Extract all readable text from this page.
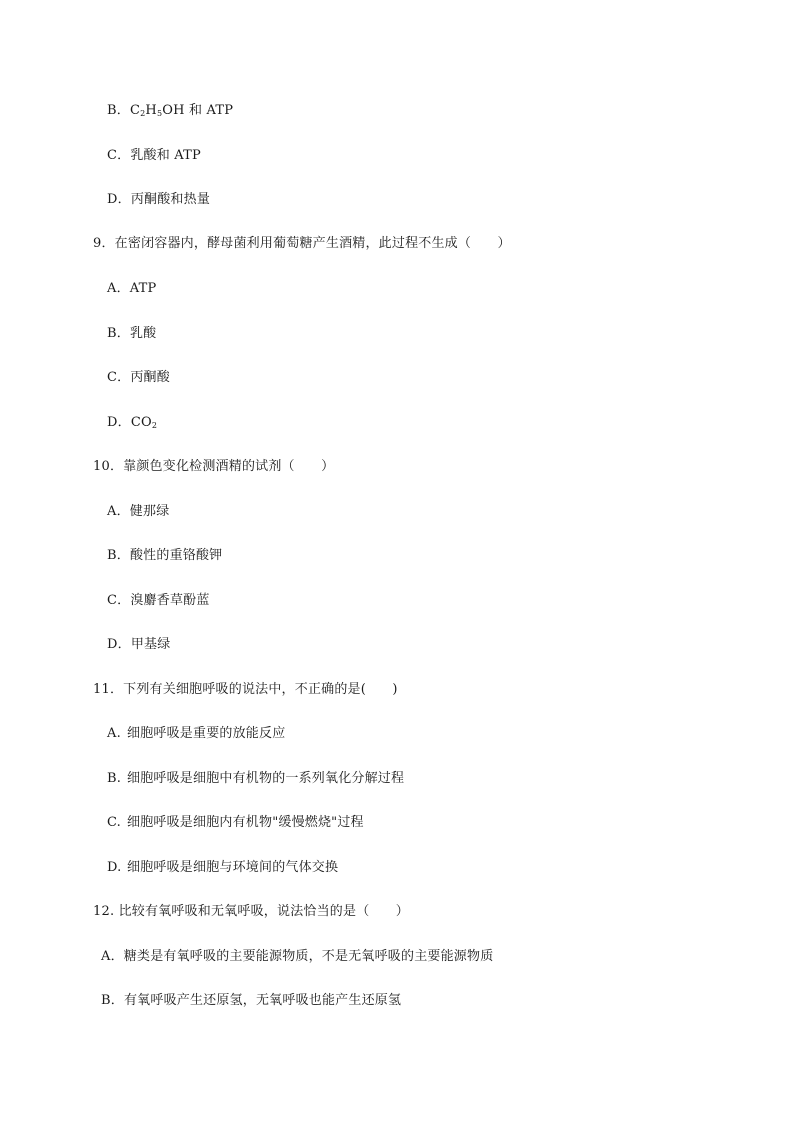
B．$C_2H_5OH$ 和 ATP
C．乳酸和 ATP
D．丙酮酸和热量
9．在密闭容器内，酵母菌利用葡萄糖产生酒精，此过程不生成（　　）
A．ATP
B．乳酸
C．丙酮酸
D．$CO_2$
10．靠颜色变化检测酒精的试剂（　　）
A．健那绿
B．酸性的重铬酸钾
C．溴麝香草酚蓝
D．甲基绿
11．下列有关细胞呼吸的说法中，不正确的是(　　)
A. 细胞呼吸是重要的放能反应
B. 细胞呼吸是细胞中有机物的一系列氧化分解过程
C. 细胞呼吸是细胞内有机物"缓慢燃烧"过程
D. 细胞呼吸是细胞与环境间的气体交换
12. 比较有氧呼吸和无氧呼吸，说法恰当的是（　　）
A．糖类是有氧呼吸的主要能源物质，不是无氧呼吸的主要能源物质
B．有氧呼吸产生还原氢，无氧呼吸也能产生还原氢
